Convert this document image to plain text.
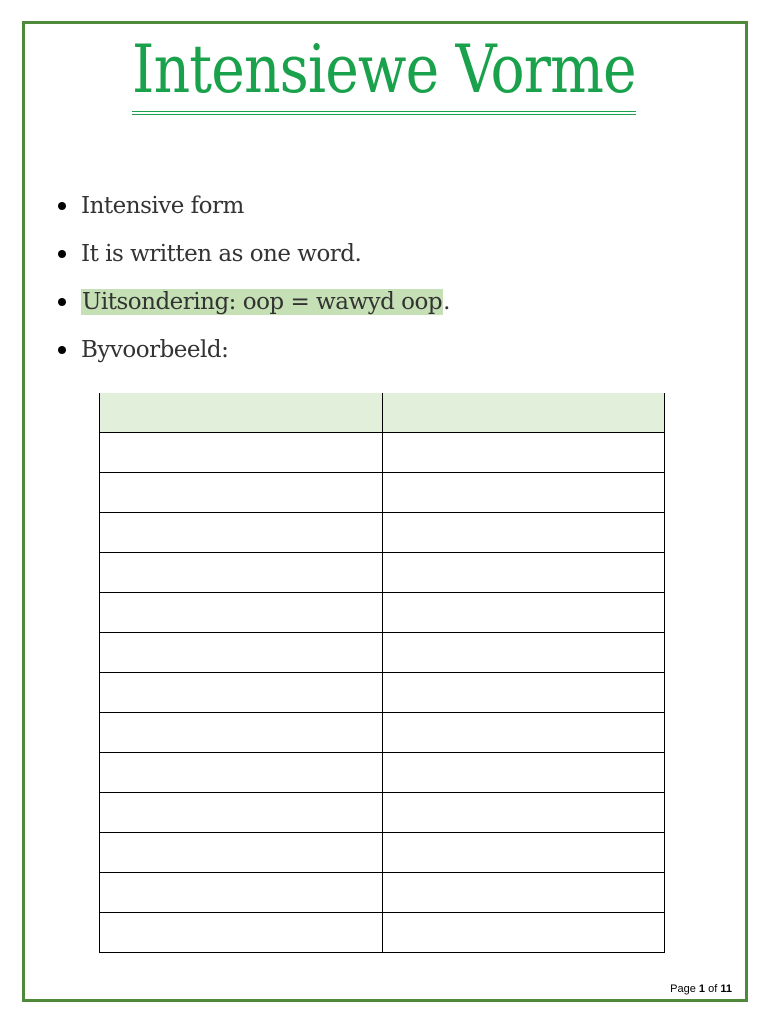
Intensiewe Vorme
Intensive form
It is written as one word.
Uitsondering: oop = wawyd oop.
Byvoorbeeld:

Page 1 of 11
